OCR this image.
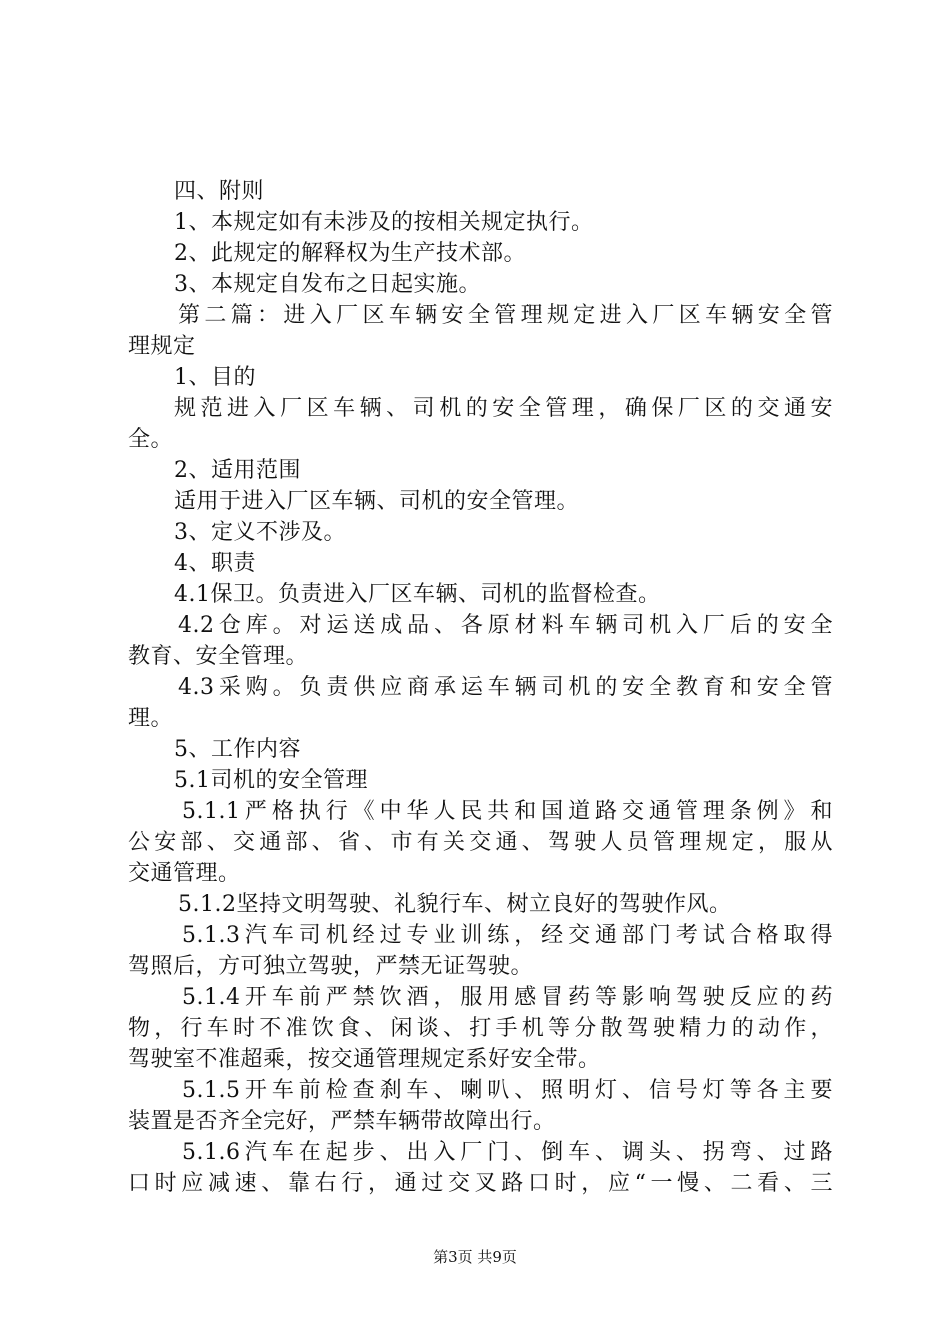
四、附则
1、本规定如有未涉及的按相关规定执行。
2、此规定的解释权为生产技术部。
3、本规定自发布之日起实施。
第二篇：进入厂区车辆安全管理规定进入厂区车辆安全管
理规定
1、目的
规范进入厂区车辆、司机的安全管理，确保厂区的交通安
全。
2、适用范围
适用于进入厂区车辆、司机的安全管理。
3、定义不涉及。
4、职责
4.1保卫。负责进入厂区车辆、司机的监督检查。
4.2仓库。对运送成品、各原材料车辆司机入厂后的安全
教育、安全管理。
4.3采购。负责供应商承运车辆司机的安全教育和安全管
理。
5、工作内容
5.1司机的安全管理
5.1.1严格执行《中华人民共和国道路交通管理条例》和
公安部、交通部、省、市有关交通、驾驶人员管理规定，服从
交通管理。
5.1.2坚持文明驾驶、礼貌行车、树立良好的驾驶作风。
5.1.3汽车司机经过专业训练，经交通部门考试合格取得
驾照后，方可独立驾驶，严禁无证驾驶。
5.1.4开车前严禁饮酒，服用感冒药等影响驾驶反应的药
物，行车时不准饮食、闲谈、打手机等分散驾驶精力的动作，
驾驶室不准超乘，按交通管理规定系好安全带。
5.1.5开车前检查刹车、喇叭、照明灯、信号灯等各主要
装置是否齐全完好，严禁车辆带故障出行。
5.1.6汽车在起步、出入厂门、倒车、调头、拐弯、过路
口时应减速、靠右行，通过交叉路口时，应“一慢、二看、三
第3页 共9页
